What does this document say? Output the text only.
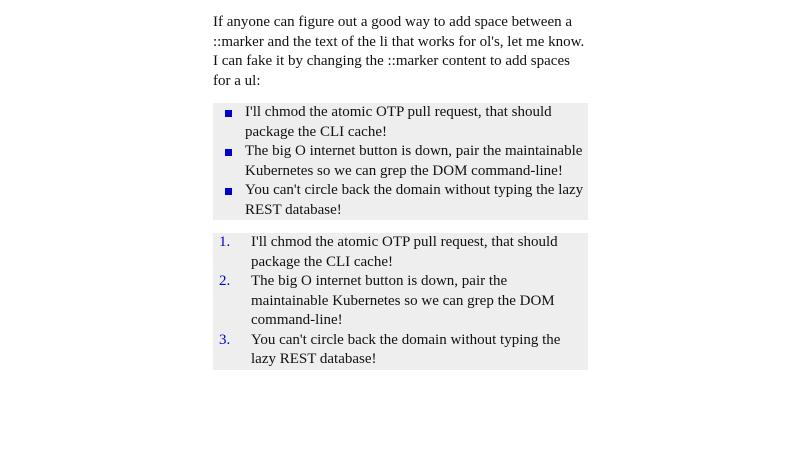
If anyone can figure out a good way to add space between a ::marker and the text of the li that works for ol's, let me know. I can fake it by changing the ::marker content to add spaces for a ul:

I'll chmod the atomic OTP pull request, that should package the CLI cache!
The big O internet button is down, pair the maintainable Kubernetes so we can grep the DOM command-line!
You can't circle back the domain without typing the lazy REST database!
1.	I'll chmod the atomic OTP pull request, that should package the CLI cache!
2.	The big O internet button is down, pair the maintainable Kubernetes so we can grep the DOM command-line!
3.	You can't circle back the domain without typing the lazy REST database!
